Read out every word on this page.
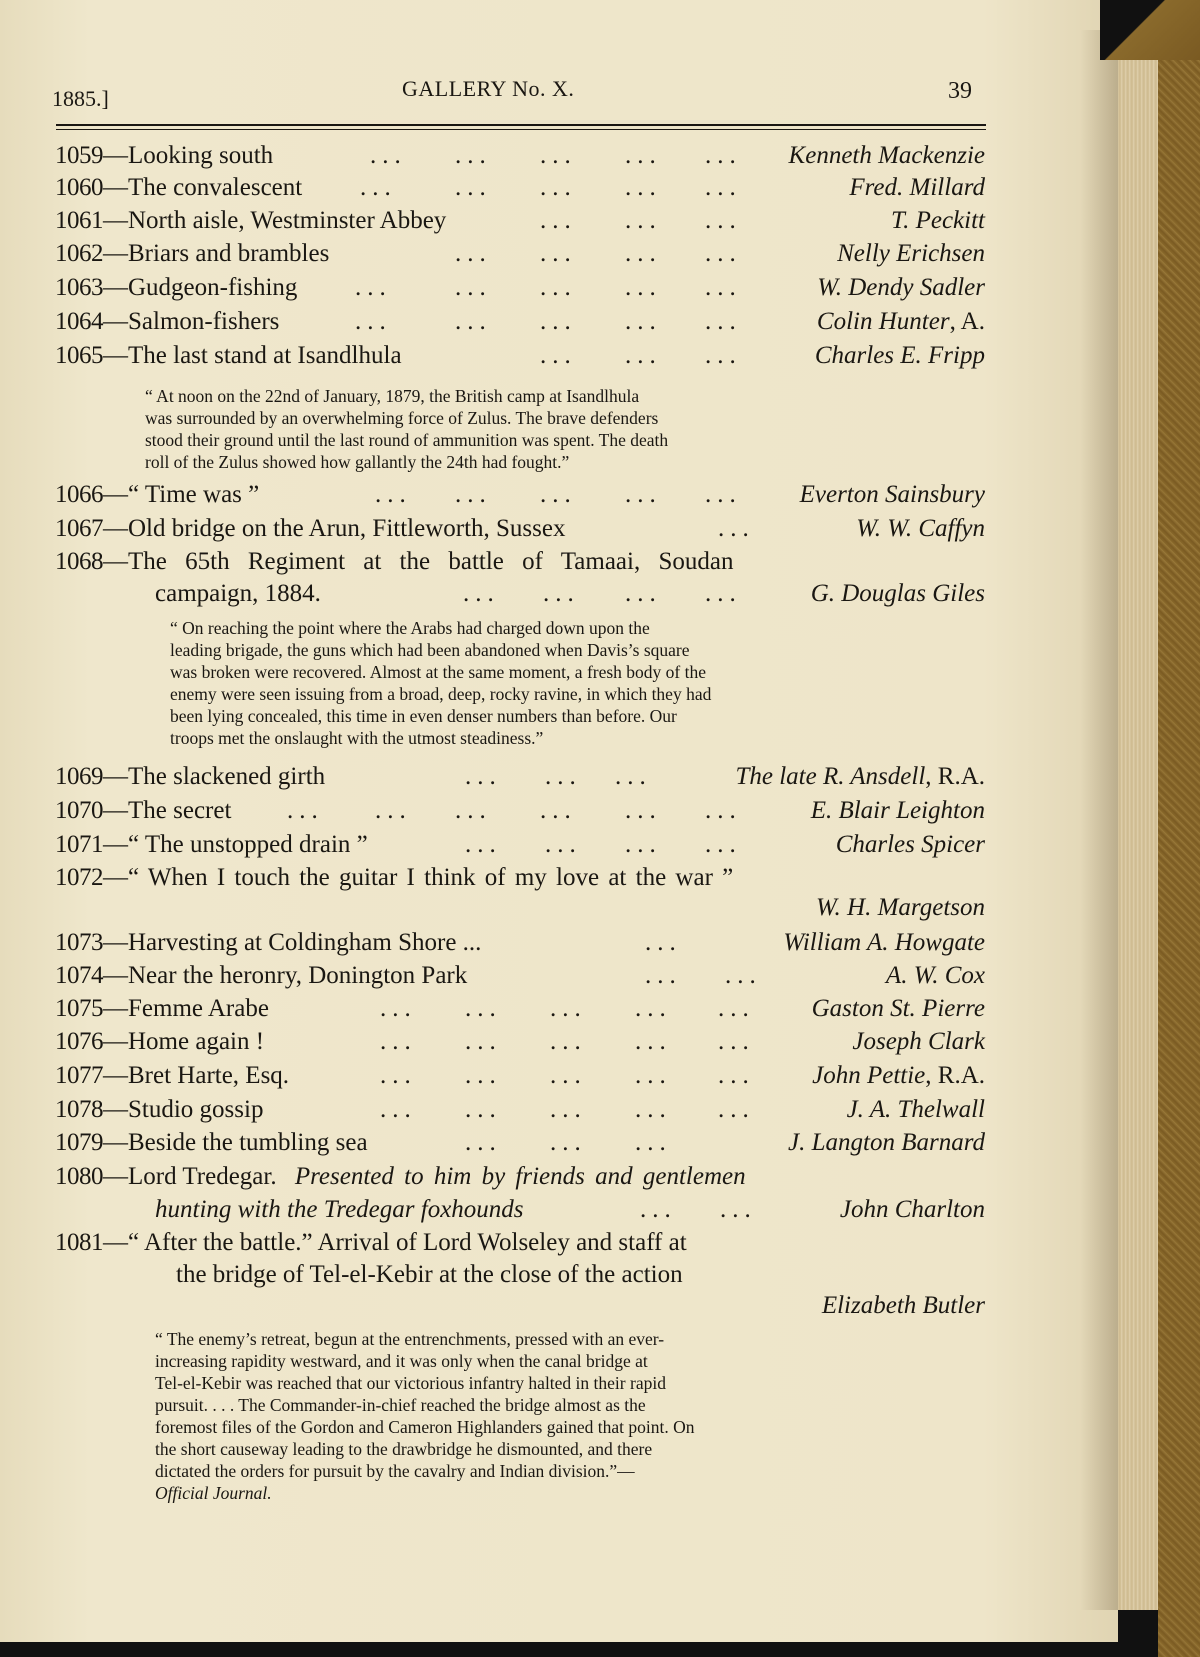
1885.]	GALLERY No. X.	39
1059—Looking south	... ... ... ... ... Kenneth Mackenzie
1060—The convalescent ... ... ... ... ...	Fred. Millard
1061—North aisle, Westminster Abbey	... ... ...	T. Peckitt
1062—Briars and brambles	... ... ... ...	Nelly Erichsen
1063—Gudgeon-fishing ...	... ... ... ...	W. Dendy Sadler
1064—Salmon-fishers	...	... ... ... ...	Colin Hunter, A.
1065—The last stand at Isandlhula	... ... ...	Charles E. Fripp
“ At noon on the 22nd of January, 1879, the British camp at Isandlhula
was surrounded by an overwhelming force of Zulus. The brave defenders
stood their ground until the last round of ammunition was spent. The death
roll of the Zulus showed how gallantly the 24th had fought.”
1066—“ Time was ”	... ... ... ... ... Everton Sainsbury
1067—Old bridge on the Arun, Fittleworth, Sussex	...	W. W. Caffyn
1068—The 65th Regiment at the battle of Tamaai, Soudan
campaign, 1884.	... ... ... ...	G. Douglas Giles
“ On reaching the point where the Arabs had charged down upon the
leading brigade, the guns which had been abandoned when Davis’s square
was broken were recovered. Almost at the same moment, a fresh body of the
enemy were seen issuing from a broad, deep, rocky ravine, in which they had
been lying concealed, this time in even denser numbers than before. Our
troops met the onslaught with the utmost steadiness.”
1069—The slackened girth	... ... ...	The late R. Ansdell, R.A.
1070—The secret ... ... ... ... ... ...	E. Blair Leighton
1071—“ The unstopped drain ”	... ... ... ...	Charles Spicer
1072—“ When I touch the guitar I think of my love at the war ”
W. H. Margetson
1073—Harvesting at Coldingham Shore ...	...	William A. Howgate
1074—Near the heronry, Donington Park	... ...	A. W. Cox
1075—Femme Arabe	... ... ... ... ... Gaston St. Pierre
1076—Home again !	... ... ... ... ...	Joseph Clark
1077—Bret Harte, Esq.	... ... ... ... ... John Pettie, R.A.
1078—Studio gossip	... ... ... ... ...	J. A. Thelwall
1079—Beside the tumbling sea	... ... ...	J. Langton Barnard
1080—Lord Tredegar. Presented to him by friends and gentlemen
hunting with the Tredegar foxhounds	... ...	John Charlton
1081—“ After the battle.” Arrival of Lord Wolseley and staff at
the bridge of Tel-el-Kebir at the close of the action
Elizabeth Butler
“ The enemy’s retreat, begun at the entrenchments, pressed with an ever-
increasing rapidity westward, and it was only when the canal bridge at
Tel-el-Kebir was reached that our victorious infantry halted in their rapid
pursuit. . . . The Commander-in-chief reached the bridge almost as the
foremost files of the Gordon and Cameron Highlanders gained that point. On
the short causeway leading to the drawbridge he dismounted, and there
dictated the orders for pursuit by the cavalry and Indian division.”—
Official Journal.
